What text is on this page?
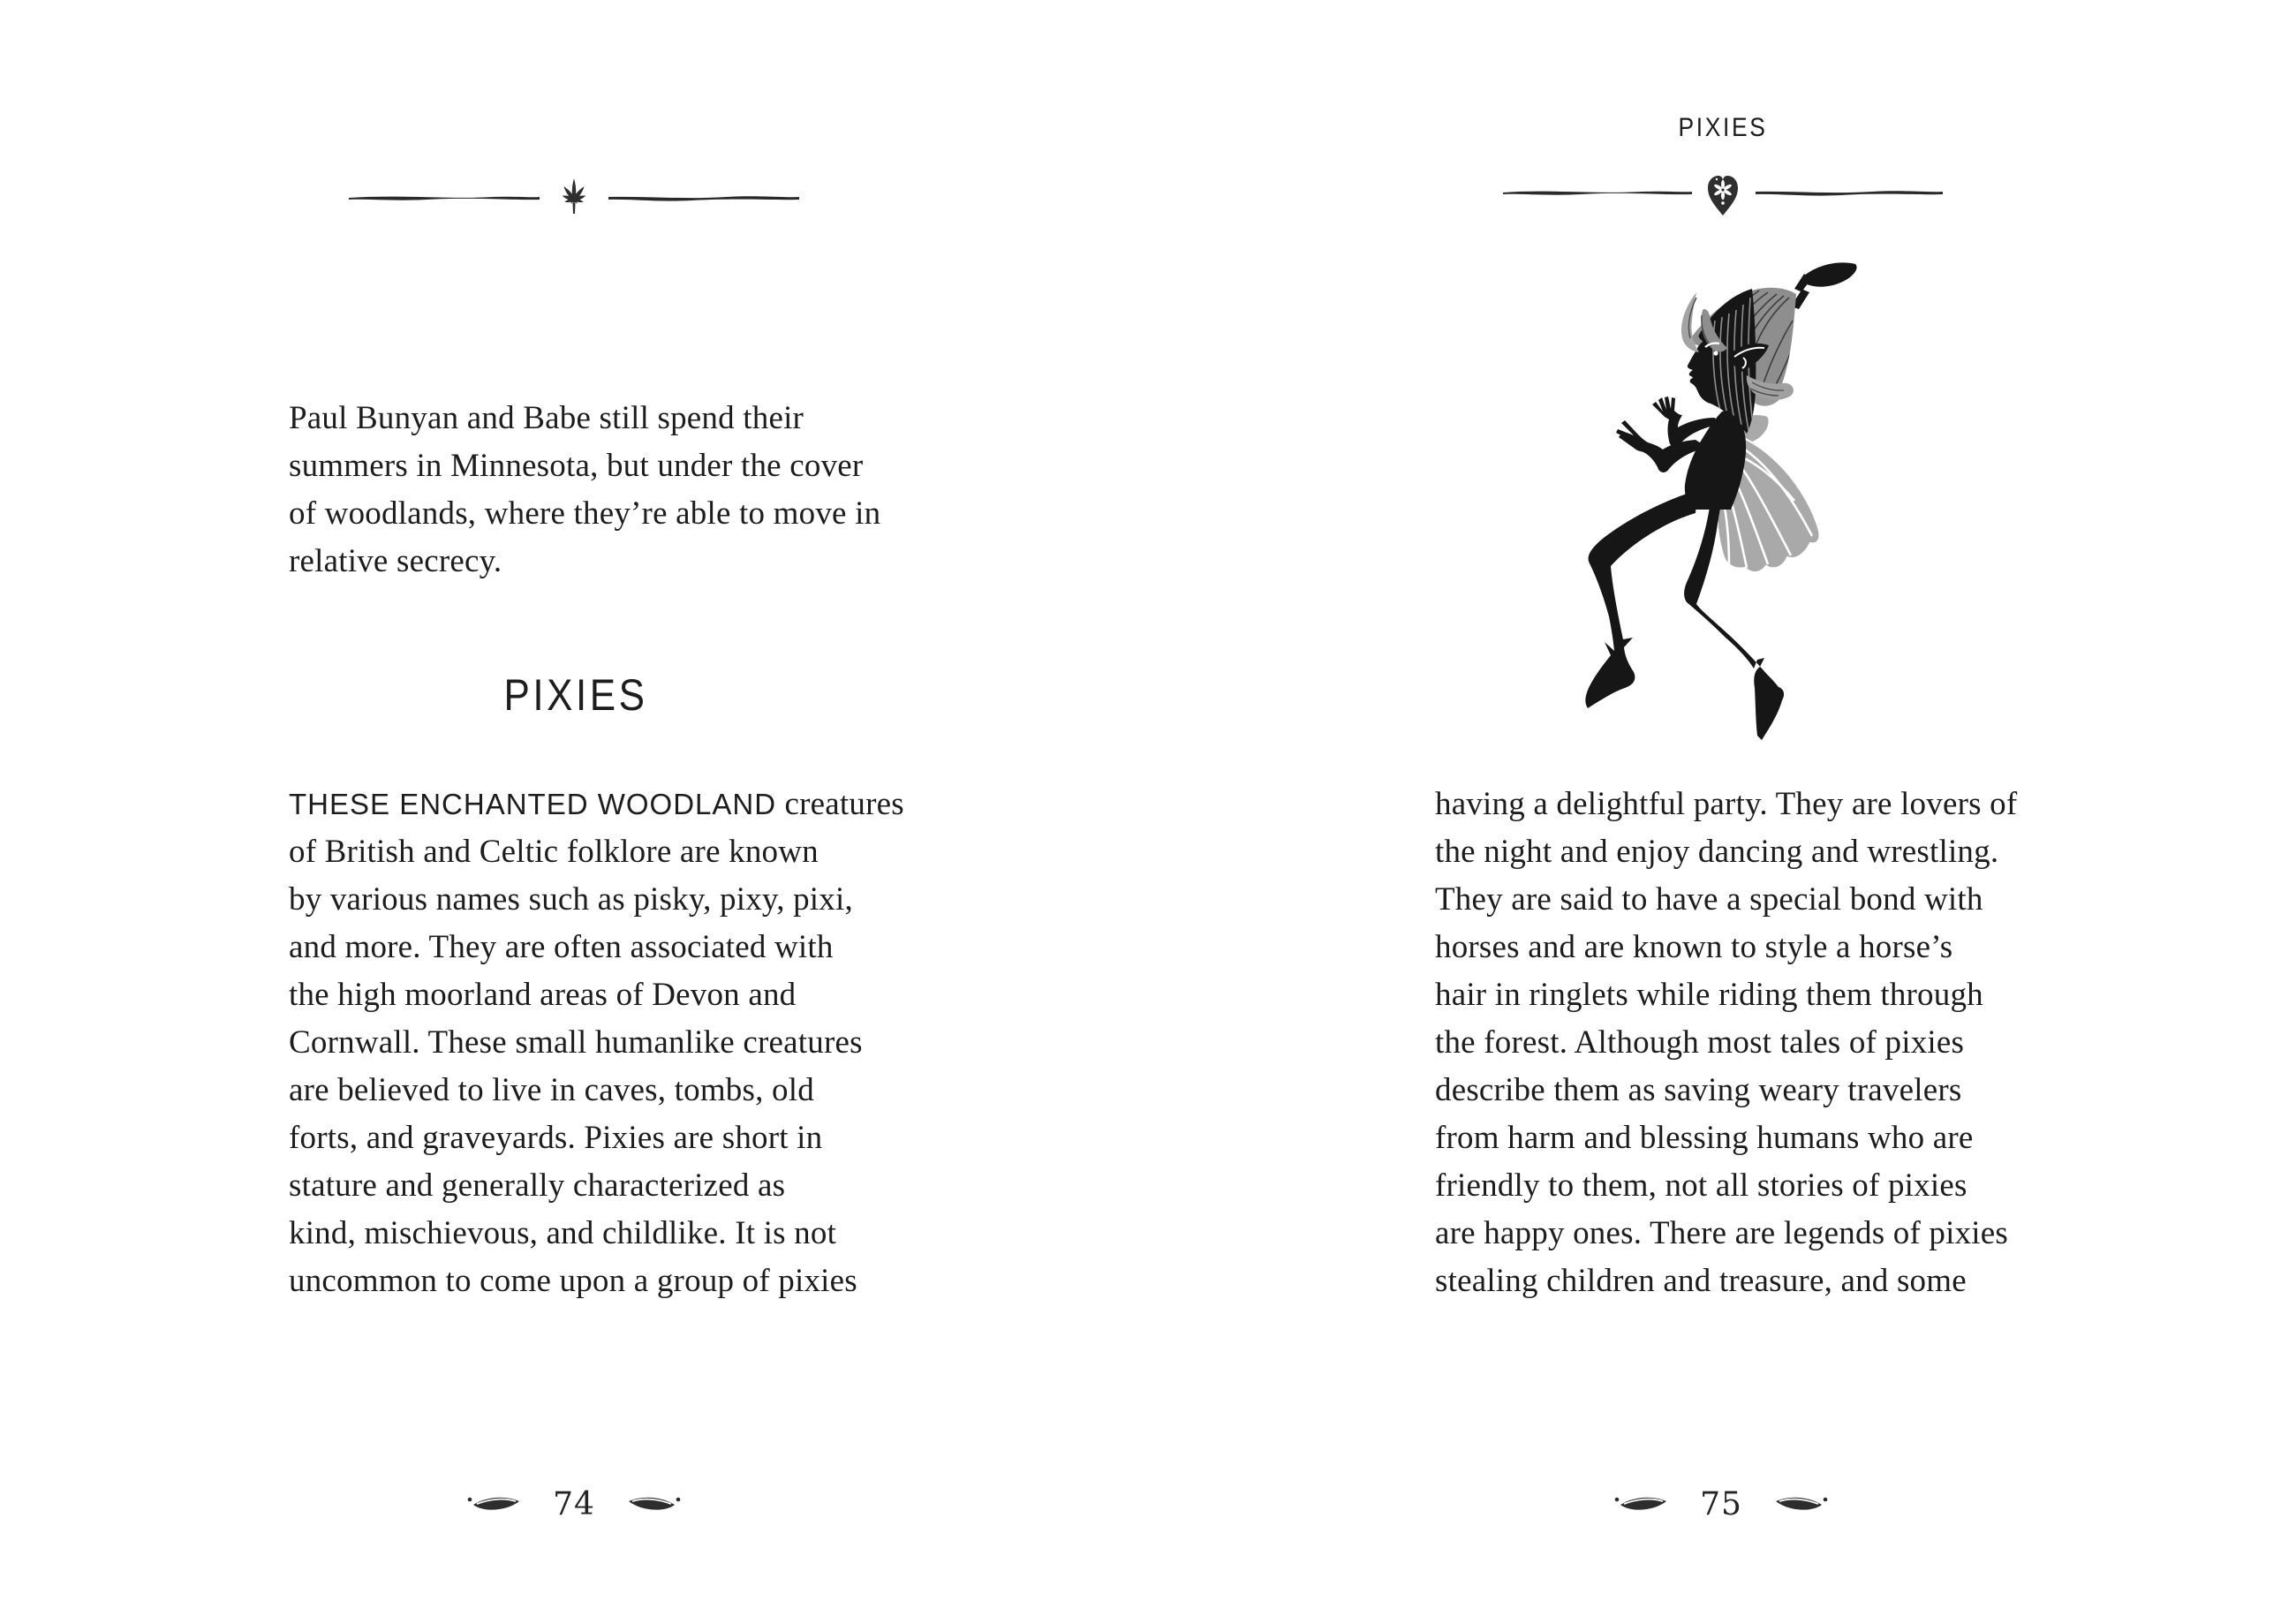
Paul Bunyan and Babe still spend their
summers in Minnesota, but under the cover
of woodlands, where they’re able to move in
relative secrecy.
PIXIES
THESE ENCHANTED WOODLAND creatures
of British and Celtic folklore are known
by various names such as pisky, pixy, pixi,
and more. They are often associated with
the high moorland areas of Devon and
Cornwall. These small humanlike creatures
are believed to live in caves, tombs, old
forts, and graveyards. Pixies are short in
stature and generally characterized as
kind, mischievous, and childlike. It is not
uncommon to come upon a group of pixies
74
PIXIES
having a delightful party. They are lovers of
the night and enjoy dancing and wrestling.
They are said to have a special bond with
horses and are known to style a horse’s
hair in ringlets while riding them through
the forest. Although most tales of pixies
describe them as saving weary travelers
from harm and blessing humans who are
friendly to them, not all stories of pixies
are happy ones. There are legends of pixies
stealing children and treasure, and some
75
